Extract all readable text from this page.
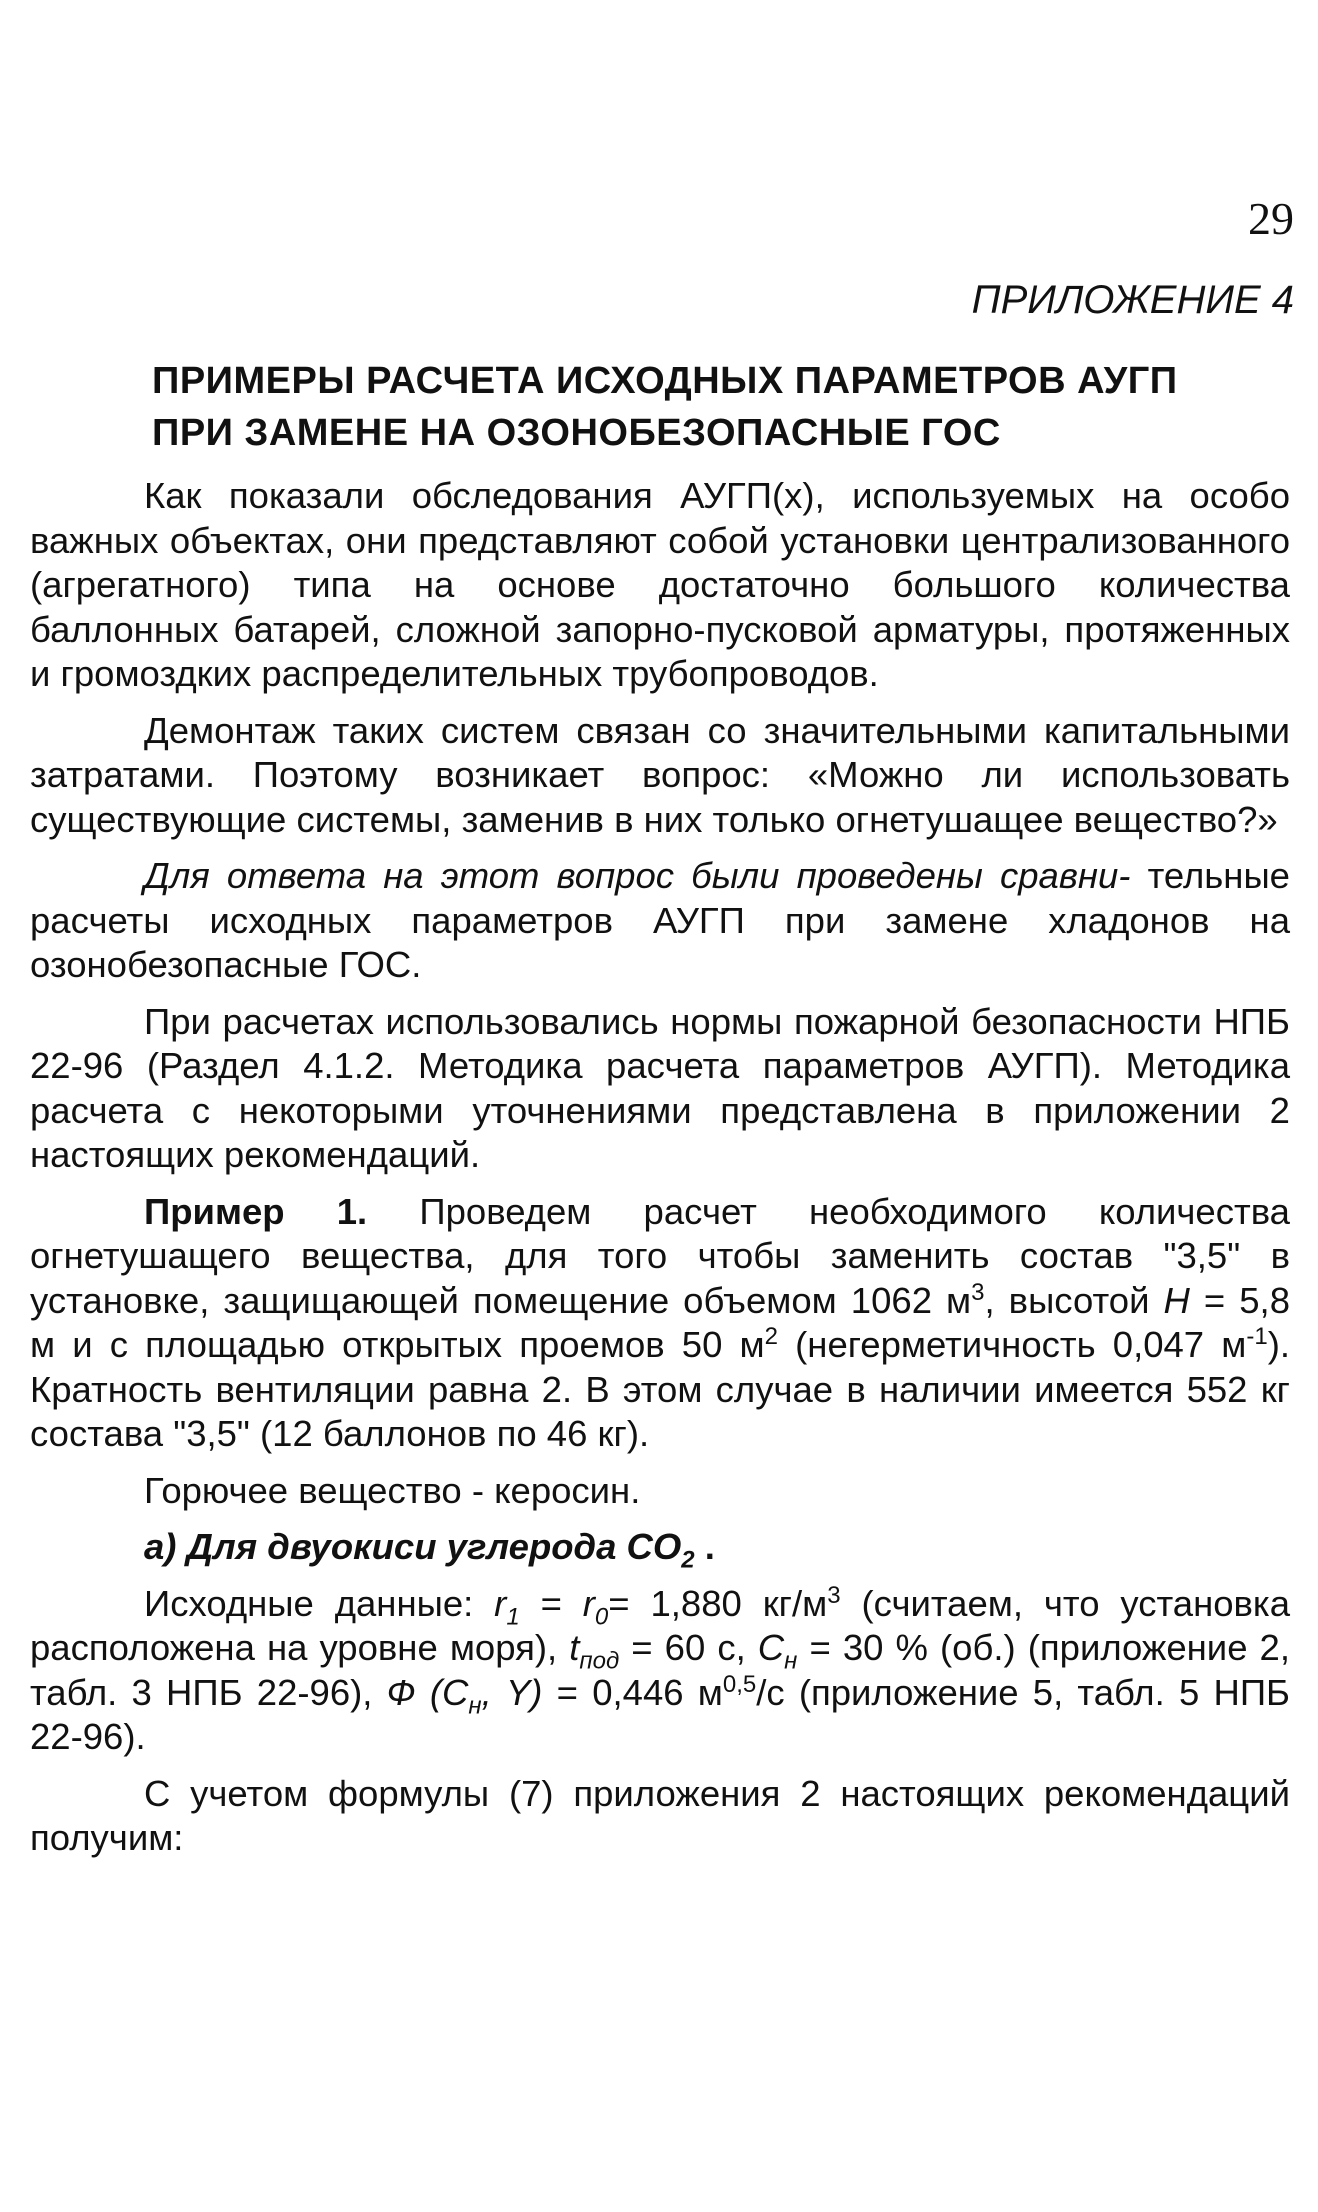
29
ПРИЛОЖЕНИЕ 4
ПРИМЕРЫ РАСЧЕТА ИСХОДНЫХ ПАРАМЕТРОВ АУГП
ПРИ ЗАМЕНЕ НА ОЗОНОБЕЗОПАСНЫЕ ГОС

Как показали обследования АУГП(х), используемых на особо важных объектах, они представляют собой установки централизованного (агрегатного) типа на основе достаточно большого количества баллонных батарей, сложной запорно-пусковой арматуры, протяженных и громоздких распределительных трубопроводов.

Демонтаж таких систем связан со значительными капитальными затратами. Поэтому возникает вопрос: «Можно ли использовать существующие системы, заменив в них только огнетушащее вещество?»

Для ответа на этот вопрос были проведены сравни- тельные расчеты исходных параметров АУГП при замене хладонов на озонобезопасные ГОС.

При расчетах использовались нормы пожарной безопасности НПБ 22-96 (Раздел 4.1.2. Методика расчета параметров АУГП). Методика расчета с некоторыми уточнениями представлена в приложении 2 настоящих рекомендаций.

Пример 1. Проведем расчет необходимого количества огнетушащего вещества, для того чтобы заменить состав "3,5" в установке, защищающей помещение объемом 1062 $м^3$, высотой Н = 5,8 м и с площадью открытых проемов 50 $м^2$ (негерметичность 0,047 $м^{-1}$). Кратность вентиляции равна 2. В этом случае в наличии имеется 552 кг состава "3,5" (12 баллонов по 46 кг).

Горючее вещество - керосин.

а) Для двуокиси углерода $СО_2$ .

Исходные данные: $r_1 = r_0= 1,880$ $кг/м^3$ (считаем, что установка расположена на уровне моря), $t_{под} = 60$ с, $С_н = 30$ % (об.) (приложение 2, табл. 3 НПБ 22-96), Ф ($С_н$, Y) = 0,446 $м^{0,5}/с$ (приложение 5, табл. 5 НПБ 22-96).

С учетом формулы (7) приложения 2 настоящих рекомендаций получим:
